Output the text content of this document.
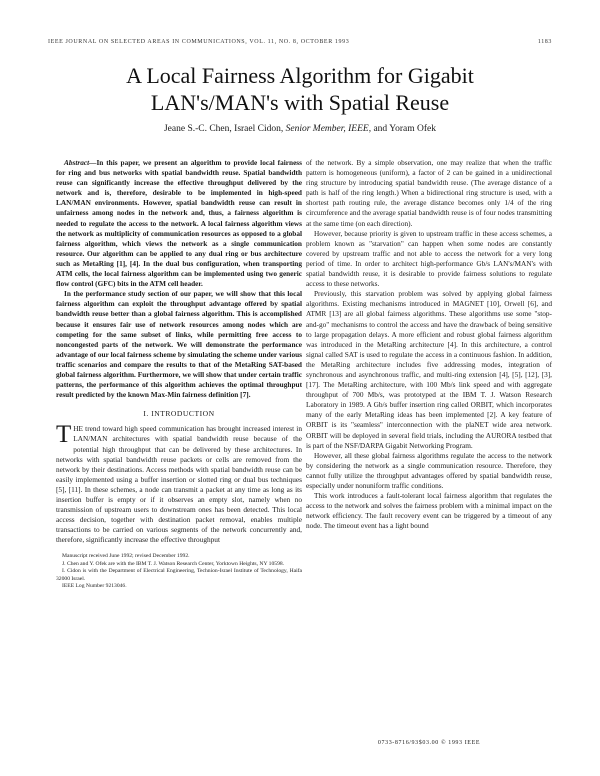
IEEE JOURNAL ON SELECTED AREAS IN COMMUNICATIONS, VOL. 11, NO. 8, OCTOBER 1993	1183
A Local Fairness Algorithm for Gigabit
LAN's/MAN's with Spatial Reuse
Jeane S.-C. Chen, Israel Cidon, Senior Member, IEEE, and Yoram Ofek

Abstract—In this paper, we present an algorithm to provide local fairness for ring and bus networks with spatial bandwidth reuse. Spatial bandwidth reuse can significantly increase the effective throughput delivered by the network and is, therefore, desirable to be implemented in high-speed LAN/MAN environments. However, spatial bandwidth reuse can result in unfairness among nodes in the network and, thus, a fairness algorithm is needed to regulate the access to the network. A local fairness algorithm views the network as multiplicity of communication resources as opposed to a global fairness algorithm, which views the network as a single communication resource. Our algorithm can be applied to any dual ring or bus architecture such as MetaRing [1], [4]. In the dual bus configuration, when transporting ATM cells, the local fairness algorithm can be implemented using two generic flow control (GFC) bits in the ATM cell header.

In the performance study section of our paper, we will show that this local fairness algorithm can exploit the throughput advantage offered by spatial bandwidth reuse better than a global fairness algorithm. This is accomplished because it ensures fair use of network resources among nodes which are competing for the same subset of links, while permitting free access to noncongested parts of the network. We will demonstrate the performance advantage of our local fairness scheme by simulating the scheme under various traffic scenarios and compare the results to that of the MetaRing SAT-based global fairness algorithm. Furthermore, we will show that under certain traffic patterns, the performance of this algorithm achieves the optimal throughput result predicted by the known Max-Min fairness definition [7].

I. INTRODUCTION

THE trend toward high speed communication has brought increased interest in LAN/MAN architectures with spatial bandwidth reuse because of the potential high throughput that can be delivered by these architectures. In networks with spatial bandwidth reuse packets or cells are removed from the network by their destinations. Access methods with spatial bandwidth reuse can be easily implemented using a buffer insertion or slotted ring or dual bus techniques [5], [11]. In these schemes, a node can transmit a packet at any time as long as its insertion buffer is empty or if it observes an empty slot, namely when no transmission of upstream users to downstream ones has been detected. This local access decision, together with destination packet removal, enables multiple transactions to be carried on various segments of the network concurrently and, therefore, significantly increase the effective throughput

Manuscript received June 1992; revised December 1992.

J. Chen and Y. Ofek are with the IBM T. J. Watson Research Center, Yorktown Heights, NY 10598.

I. Cidon is with the Department of Electrical Engineering, Technion-Israel Institute of Technology, Haifa 32000 Israel.

IEEE Log Number 9213046.

of the network. By a simple observation, one may realize that when the traffic pattern is homogeneous (uniform), a factor of 2 can be gained in a unidirectional ring structure by introducing spatial bandwidth reuse. (The average distance of a path is half of the ring length.) When a bidirectional ring structure is used, with a shortest path routing rule, the average distance becomes only 1/4 of the ring circumference and the average spatial bandwidth reuse is of four nodes transmitting at the same time (on each direction).

However, because priority is given to upstream traffic in these access schemes, a problem known as "starvation" can happen when some nodes are constantly covered by upstream traffic and not able to access the network for a very long period of time. In order to architect high-performance Gb/s LAN's/MAN's with spatial bandwidth reuse, it is desirable to provide fairness solutions to regulate access to these networks.

Previously, this starvation problem was solved by applying global fairness algorithms. Existing mechanisms introduced in MAGNET [10], Orwell [6], and ATMR [13] are all global fairness algorithms. These algorithms use some "stop-and-go" mechanisms to control the access and have the drawback of being sensitive to large propagation delays. A more efficient and robust global fairness algorithm was introduced in the MetaRing architecture [4]. In this architecture, a control signal called SAT is used to regulate the access in a continuous fashion. In addition, the MetaRing architecture includes five addressing modes, integration of synchronous and asynchronous traffic, and multi-ring extension [4], [5], [12], [3], [17]. The MetaRing architecture, with 100 Mb/s link speed and with aggregate throughput of 700 Mb/s, was prototyped at the IBM T. J. Watson Research Laboratory in 1989. A Gb/s buffer insertion ring called ORBIT, which incorporates many of the early MetaRing ideas has been implemented [2]. A key feature of ORBIT is its "seamless" interconnection with the plaNET wide area network. ORBIT will be deployed in several field trials, including the AURORA testbed that is part of the NSF/DARPA Gigabit Networking Program.

However, all these global fairness algorithms regulate the access to the network by considering the network as a single communication resource. Therefore, they cannot fully utilize the throughput advantages offered by spatial bandwidth reuse, especially under nonuniform traffic conditions.

This work introduces a fault-tolerant local fairness algorithm that regulates the access to the network and solves the fairness problem with a minimal impact on the network efficiency. The fault recovery event can be triggered by a timeout of any node. The timeout event has a light bound

0733-8716/93$03.00 © 1993 IEEE
